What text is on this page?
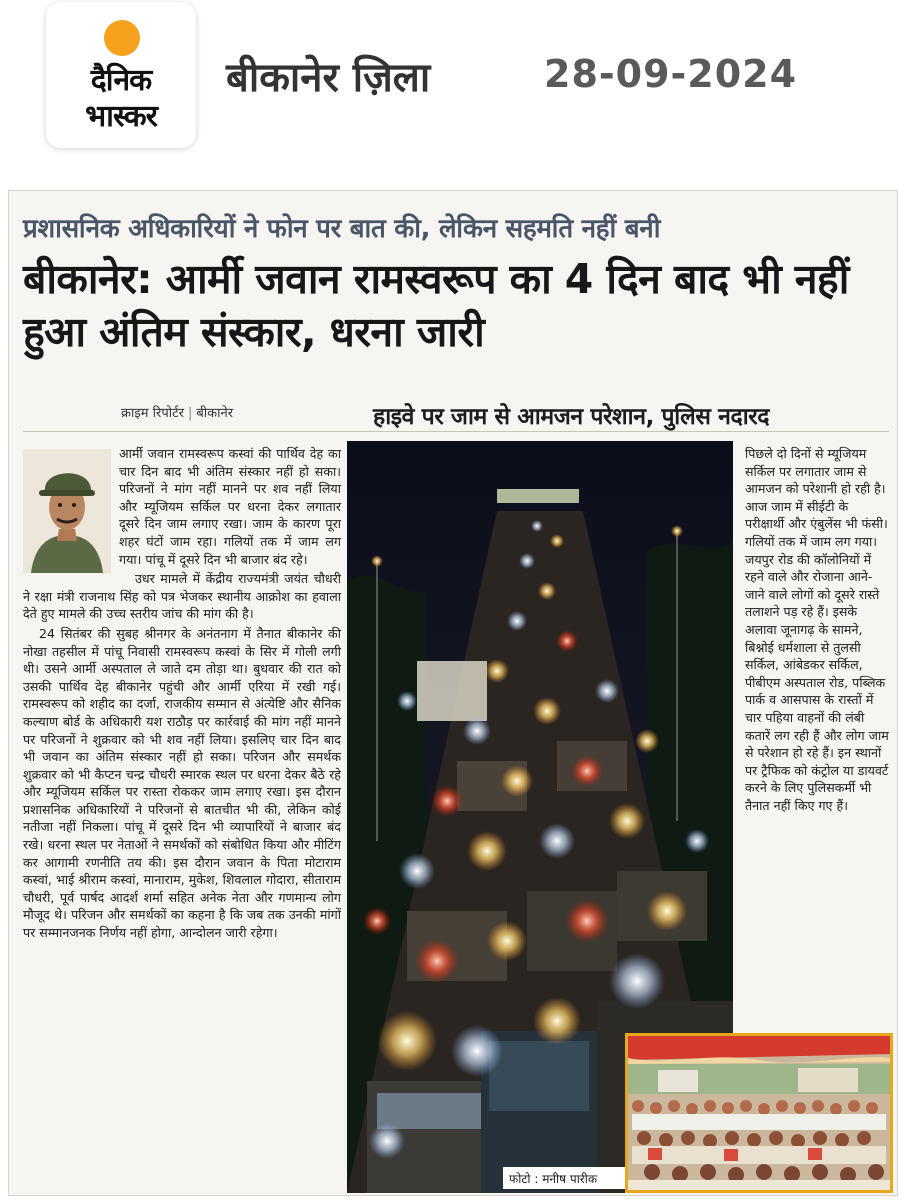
दैनिक
भास्कर
बीकानेर ज़िला	28-09-2024
प्रशासनिक अधिकारियों ने फोन पर बात की, लेकिन सहमति नहीं बनी
बीकानेर: आर्मी जवान रामस्वरूप का 4 दिन बाद भी नहीं हुआ अंतिम संस्कार, धरना जारी
क्राइम रिपोर्टर | बीकानेर	हाइवे पर जाम से आमजन परेशान, पुलिस नदारद

आर्मी जवान रामस्वरूप कस्वां की पार्थिव देह का चार दिन बाद भी अंतिम संस्कार नहीं हो सका। परिजनों ने मांग नहीं मानने पर शव नहीं लिया और म्यूजियम सर्किल पर धरना देकर लगातार दूसरे दिन जाम लगाए रखा। जाम के कारण पूरा शहर घंटों जाम रहा। गलियों तक में जाम लग गया। पांचू में दूसरे दिन भी बाजार बंद रहे।

उधर मामले में केंद्रीय राज्यमंत्री जयंत चौधरी ने रक्षा मंत्री राजनाथ सिंह को पत्र भेजकर स्थानीय आक्रोश का हवाला देते हुए मामले की उच्च स्तरीय जांच की मांग की है।

24 सितंबर की सुबह श्रीनगर के अनंतनाग में तैनात बीकानेर की नोखा तहसील में पांचू निवासी रामस्वरूप कस्वां के सिर में गोली लगी थी। उसने आर्मी अस्पताल ले जाते दम तोड़ा था। बुधवार की रात को उसकी पार्थिव देह बीकानेर पहुंची और आर्मी एरिया में रखी गई। रामस्वरूप को शहीद का दर्जा, राजकीय सम्मान से अंत्येष्टि और सैनिक कल्याण बोर्ड के अधिकारी यश राठौड़ पर कार्रवाई की मांग नहीं मानने पर परिजनों ने शुक्रवार को भी शव नहीं लिया। इसलिए चार दिन बाद भी जवान का अंतिम संस्कार नहीं हो सका। परिजन और समर्थक शुक्रवार को भी कैप्टन चन्द्र चौधरी स्मारक स्थल पर धरना देकर बैठे रहे और म्यूजियम सर्किल पर रास्ता रोककर जाम लगाए रखा। इस दौरान प्रशासनिक अधिकारियों ने परिजनों से बातचीत भी की, लेकिन कोई नतीजा नहीं निकला। पांचू में दूसरे दिन भी व्यापारियों ने बाजार बंद रखे। धरना स्थल पर नेताओं ने समर्थकों को संबोधित किया और मीटिंग कर आगामी रणनीति तय की। इस दौरान जवान के पिता मोटाराम कस्वां, भाई श्रीराम कस्वां, मानाराम, मुकेश, शिवलाल गोदारा, सीताराम चौधरी, पूर्व पार्षद आदर्श शर्मा सहित अनेक नेता और गणमान्य लोग मौजूद थे। परिजन और समर्थकों का कहना है कि जब तक उनकी मांगों पर सम्मानजनक निर्णय नहीं होगा, आन्दोलन जारी रहेगा।

फोटो : मनीष पारीक
पिछले दो दिनों से म्यूजियम सर्किल पर लगातार जाम से आमजन को परेशानी हो रही है। आज जाम में सीईटी के परीक्षार्थी और एंबुलेंस भी फंसी। गलियों तक में जाम लग गया। जयपुर रोड की कॉलोनियों में रहने वाले और रोजाना आने-जाने वाले लोगों को दूसरे रास्ते तलाशने पड़ रहे हैं। इसके अलावा जूनागढ़ के सामने, बिश्नोई धर्मशाला से तुलसी सर्किल, आंबेडकर सर्किल, पीबीएम अस्पताल रोड, पब्लिक पार्क व आसपास के रास्तों में चार पहिया वाहनों की लंबी कतारें लग रही हैं और लोग जाम से परेशान हो रहे हैं। इन स्थानों पर ट्रैफिक को कंट्रोल या डायवर्ट करने के लिए पुलिसकर्मी भी तैनात नहीं किए गए हैं।
